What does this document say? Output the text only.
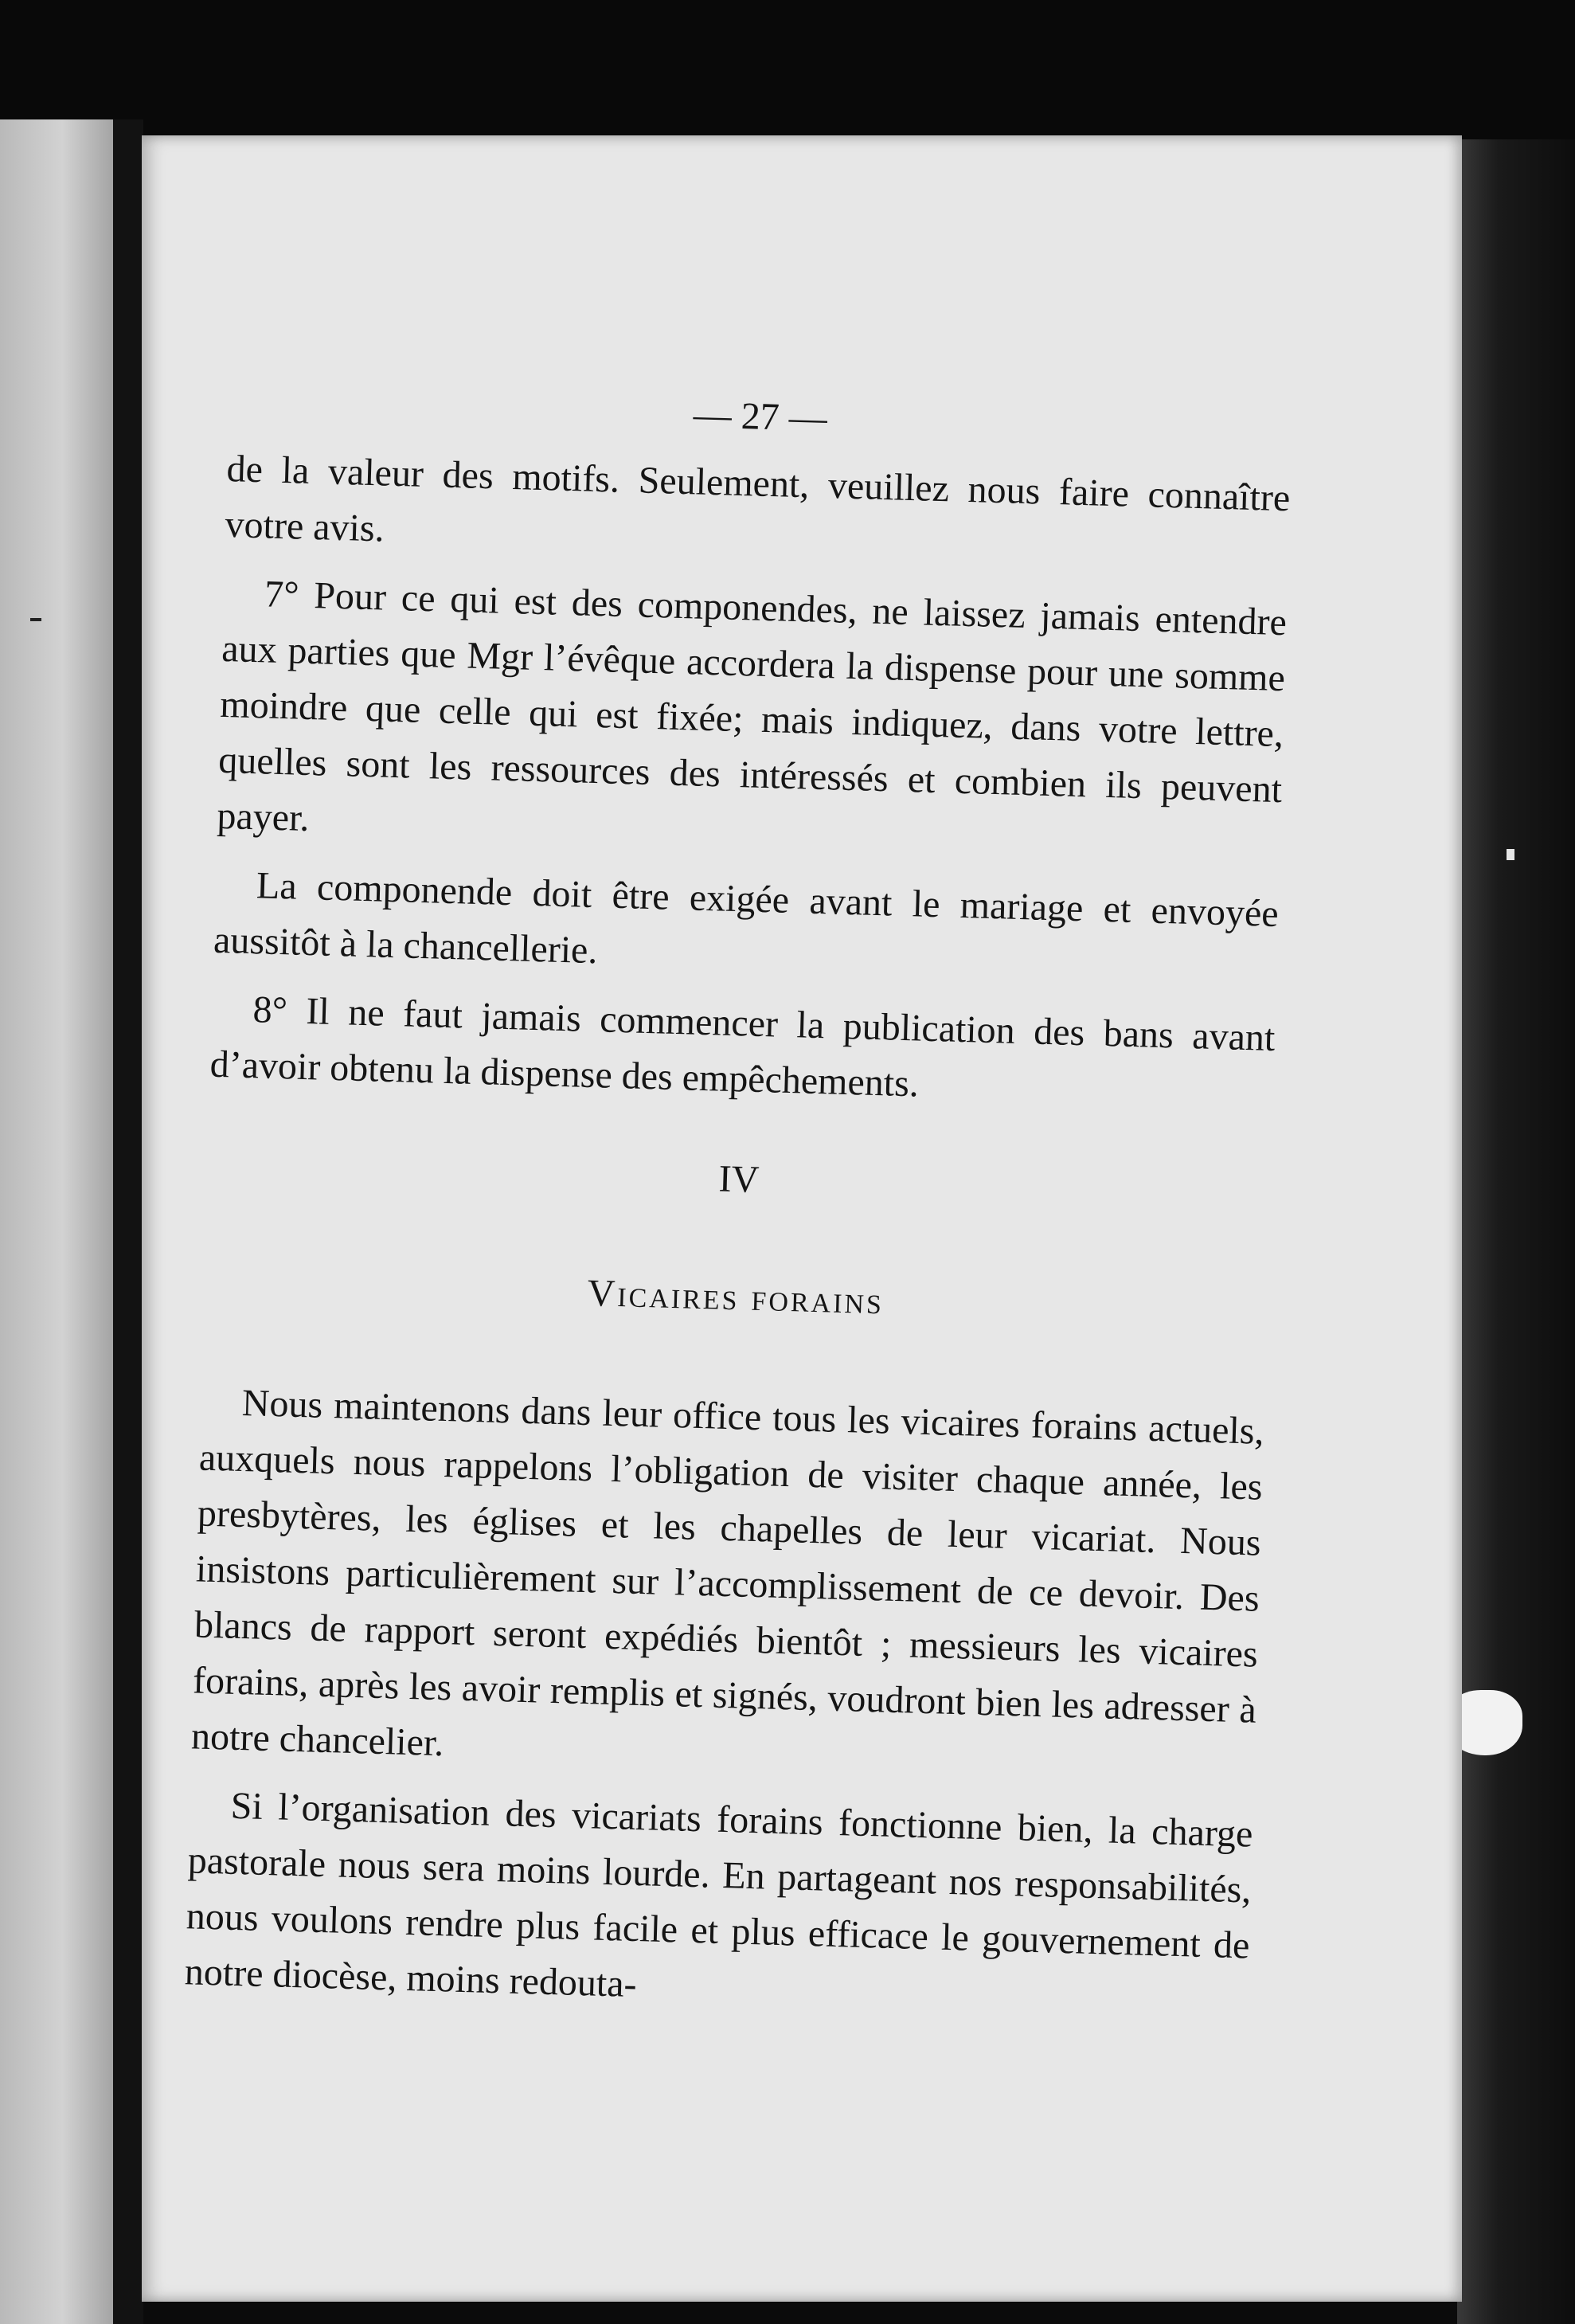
— 27 —

de la valeur des motifs. Seulement, veuillez nous faire connaître votre avis.

7° Pour ce qui est des componendes, ne laissez jamais entendre aux parties que Mgr l’évêque accordera la dispense pour une somme moindre que celle qui est fixée; mais indiquez, dans votre lettre, quelles sont les ressources des intéressés et combien ils peuvent payer.

La componende doit être exigée avant le mariage et envoyée aussitôt à la chancellerie.

8° Il ne faut jamais commencer la publication des bans avant d’avoir obtenu la dispense des empêchements.

IV
Vicaires forains

Nous maintenons dans leur office tous les vicaires forains actuels, auxquels nous rappelons l’obligation de visiter chaque année, les presbytères, les églises et les chapelles de leur vicariat. Nous insistons particulièrement sur l’accomplissement de ce devoir. Des blancs de rapport seront expédiés bientôt ; messieurs les vicaires forains, après les avoir remplis et signés, voudront bien les adresser à notre chancelier.

Si l’organisation des vicariats forains fonctionne bien, la charge pastorale nous sera moins lourde. En partageant nos responsabilités, nous voulons rendre plus facile et plus efficace le gouvernement de notre diocèse, moins redouta-
